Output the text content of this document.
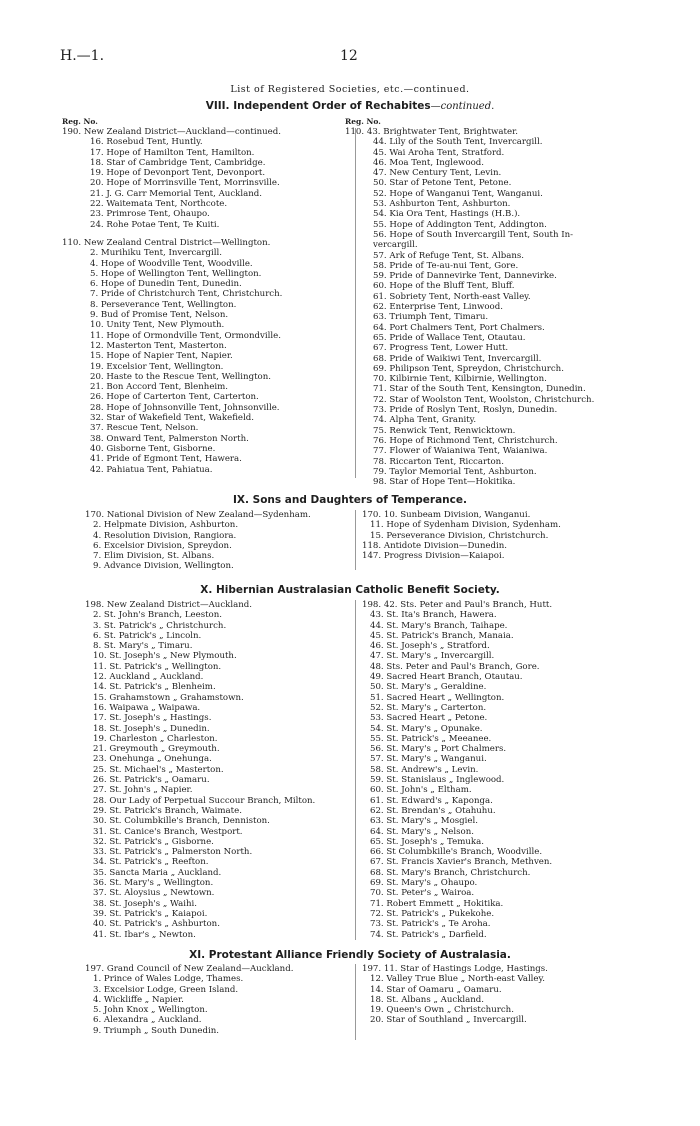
H.—1.	12
List of Registered Societies, etc.—continued.
VIII. Independent Order of Rechabites—continued.
Reg. No.	Reg. No.
190. New Zealand District—Auckland—continued.
16. Rosebud Tent, Huntly.
17. Hope of Hamilton Tent, Hamilton.
18. Star of Cambridge Tent, Cambridge.
19. Hope of Devonport Tent, Devonport.
20. Hope of Morrinsville Tent, Morrinsville.
21. J. G. Carr Memorial Tent, Auckland.
22. Waitemata Tent, Northcote.
23. Primrose Tent, Ohaupo.
24. Rohe Potae Tent, Te Kuiti.
110. New Zealand Central District—Wellington.
2. Murihiku Tent, Invercargill.
4. Hope of Woodville Tent, Woodville.
5. Hope of Wellington Tent, Wellington.
6. Hope of Dunedin Tent, Dunedin.
7. Pride of Christchurch Tent, Christchurch.
8. Perseverance Tent, Wellington.
9. Bud of Promise Tent, Nelson.
10. Unity Tent, New Plymouth.
11. Hope of Ormondville Tent, Ormondville.
12. Masterton Tent, Masterton.
15. Hope of Napier Tent, Napier.
19. Excelsior Tent, Wellington.
20. Haste to the Rescue Tent, Wellington.
21. Bon Accord Tent, Blenheim.
26. Hope of Carterton Tent, Carterton.
28. Hope of Johnsonville Tent, Johnsonville.
32. Star of Wakefield Tent, Wakefield.
37. Rescue Tent, Nelson.
38. Onward Tent, Palmerston North.
40. Gisborne Tent, Gisborne.
41. Pride of Egmont Tent, Hawera.
42. Pahiatua Tent, Pahiatua.
110. 43. Brightwater Tent, Brightwater.
44. Lily of the South Tent, Invercargill.
45. Wai Aroha Tent, Stratford.
46. Moa Tent, Inglewood.
47. New Century Tent, Levin.
50. Star of Petone Tent, Petone.
52. Hope of Wanganui Tent, Wanganui.
53. Ashburton Tent, Ashburton.
54. Kia Ora Tent, Hastings (H.B.).
55. Hope of Addington Tent, Addington.
56. Hope of South Invercargill Tent, South In-
vercargill.
57. Ark of Refuge Tent, St. Albans.
58. Pride of Te-au-nui Tent, Gore.
59. Pride of Dannevirke Tent, Dannevirke.
60. Hope of the Bluff Tent, Bluff.
61. Sobriety Tent, North-east Valley.
62. Enterprise Tent, Linwood.
63. Triumph Tent, Timaru.
64. Port Chalmers Tent, Port Chalmers.
65. Pride of Wallace Tent, Otautau.
67. Progress Tent, Lower Hutt.
68. Pride of Waikiwi Tent, Invercargill.
69. Philipson Tent, Spreydon, Christchurch.
70. Kilbirnie Tent, Kilbirnie, Wellington.
71. Star of the South Tent, Kensington, Dunedin.
72. Star of Woolston Tent, Woolston, Christchurch.
73. Pride of Roslyn Tent, Roslyn, Dunedin.
74. Alpha Tent, Granity.
75. Renwick Tent, Renwicktown.
76. Hope of Richmond Tent, Christchurch.
77. Flower of Waianiwa Tent, Waianiwa.
78. Riccarton Tent, Riccarton.
79. Taylor Memorial Tent, Ashburton.
98. Star of Hope Tent—Hokitika.
IX. Sons and Daughters of Temperance.
170. National Division of New Zealand—Sydenham.
2. Helpmate Division, Ashburton.
4. Resolution Division, Rangiora.
6. Excelsior Division, Spreydon.
7. Elim Division, St. Albans.
9. Advance Division, Wellington.
170. 10. Sunbeam Division, Wanganui.
11. Hope of Sydenham Division, Sydenham.
15. Perseverance Division, Christchurch.
118. Antidote Division—Dunedin.
147. Progress Division—Kaiapoi.
X. Hibernian Australasian Catholic Benefit Society.
198. New Zealand District—Auckland.
2. St. John's Branch, Leeston.
3. St. Patrick's „ Christchurch.
6. St. Patrick's „ Lincoln.
8. St. Mary's „ Timaru.
10. St. Joseph's „ New Plymouth.
11. St. Patrick's „ Wellington.
12. Auckland „ Auckland.
14. St. Patrick's „ Blenheim.
15. Grahamstown „ Grahamstown.
16. Waipawa „ Waipawa.
17. St. Joseph's „ Hastings.
18. St. Joseph's „ Dunedin.
19. Charleston „ Charleston.
21. Greymouth „ Greymouth.
23. Onehunga „ Onehunga.
25. St. Michael's „ Masterton.
26. St. Patrick's „ Oamaru.
27. St. John's „ Napier.
28. Our Lady of Perpetual Succour Branch, Milton.
29. St. Patrick's Branch, Waimate.
30. St. Columbkille's Branch, Denniston.
31. St. Canice's Branch, Westport.
32. St. Patrick's „ Gisborne.
33. St. Patrick's „ Palmerston North.
34. St. Patrick's „ Reefton.
35. Sancta Maria „ Auckland.
36. St. Mary's „ Wellington.
37. St. Aloysius „ Newtown.
38. St. Joseph's „ Waihi.
39. St. Patrick's „ Kaiapoi.
40. St. Patrick's „ Ashburton.
41. St. Ibar's „ Newton.
198. 42. Sts. Peter and Paul's Branch, Hutt.
43. St. Ita's Branch, Hawera.
44. St. Mary's Branch, Taihape.
45. St. Patrick's Branch, Manaia.
46. St. Joseph's „ Stratford.
47. St. Mary's „ Invercargill.
48. Sts. Peter and Paul's Branch, Gore.
49. Sacred Heart Branch, Otautau.
50. St. Mary's „ Geraldine.
51. Sacred Heart „ Wellington.
52. St. Mary's „ Carterton.
53. Sacred Heart „ Petone.
54. St. Mary's „ Opunake.
55. St. Patrick's „ Meeanee.
56. St. Mary's „ Port Chalmers.
57. St. Mary's „ Wanganui.
58. St. Andrew's „ Levin.
59. St. Stanislaus „ Inglewood.
60. St. John's „ Eltham.
61. St. Edward's „ Kaponga.
62. St. Brendan's „ Otahuhu.
63. St. Mary's „ Mosgiel.
64. St. Mary's „ Nelson.
65. St. Joseph's „ Temuka.
66. St Columbkille's Branch, Woodville.
67. St. Francis Xavier's Branch, Methven.
68. St. Mary's Branch, Christchurch.
69. St. Mary's „ Ohaupo.
70. St. Peter's „ Wairoa.
71. Robert Emmett „ Hokitika.
72. St. Patrick's „ Pukekohe.
73. St. Patrick's „ Te Aroha.
74. St. Patrick's „ Darfield.
XI. Protestant Alliance Friendly Society of Australasia.
197. Grand Council of New Zealand—Auckland.
1. Prince of Wales Lodge, Thames.
3. Excelsior Lodge, Green Island.
4. Wickliffe „ Napier.
5. John Knox „ Wellington.
6. Alexandra „ Auckland.
9. Triumph „ South Dunedin.
197. 11. Star of Hastings Lodge, Hastings.
12. Valley True Blue „ North-east Valley.
14. Star of Oamaru „ Oamaru.
18. St. Albans „ Auckland.
19. Queen's Own „ Christchurch.
20. Star of Southland „ Invercargill.
